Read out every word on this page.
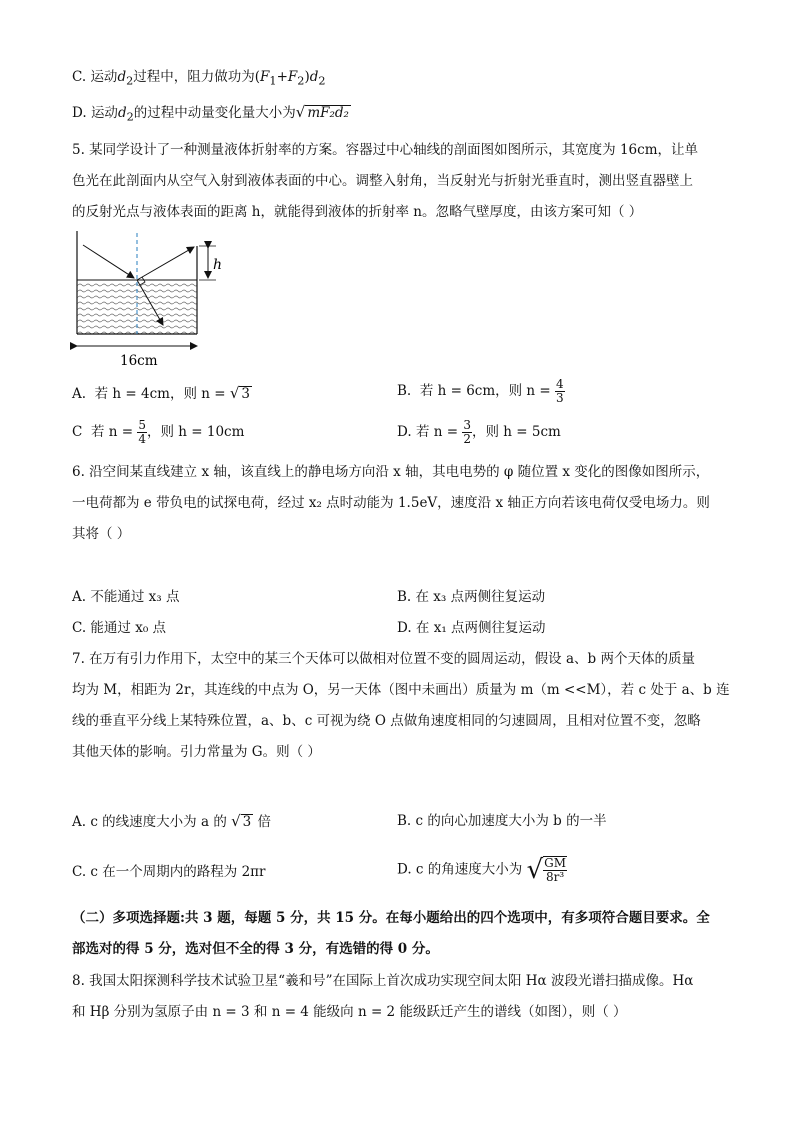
C. 运动$d_2$过程中，阻力做功为$(F_1+F_2)d_2$
D. 运动$d_2$的过程中动量变化量大小为√ mF₂d₂
5. 某同学设计了一种测量液体折射率的方案。容器过中心轴线的剖面图如图所示，其宽度为 16cm，让单
色光在此剖面内从空气入射到液体表面的中心。调整入射角，当反射光与折射光垂直时，测出竖直器壁上
的反射光点与液体表面的距离 h，就能得到液体的折射率 n。忽略气壁厚度，由该方案可知（ ）
h
16cm
A. 若 h = 4cm，则 n = √ 3	B. 若 h = 6cm，则 $n = \frac{4}{3}$
C 若 $n = \frac{5}{4}$ ，则 h = 10cm	D. 若 $n = \frac{3}{2}$ ，则 h = 5cm
6. 沿空间某直线建立 x 轴，该直线上的静电场方向沿 x 轴，其电电势的 φ 随位置 x 变化的图像如图所示，
一电荷都为 e 带负电的试探电荷，经过 x₂ 点时动能为 1.5eV，速度沿 x 轴正方向若该电荷仅受电场力。则
其将（ ）
A. 不能通过 x₃ 点	B. 在 x₃ 点两侧往复运动
C. 能通过 x₀ 点	D. 在 x₁ 点两侧往复运动
7. 在万有引力作用下，太空中的某三个天体可以做相对位置不变的圆周运动，假设 a、b 两个天体的质量
均为 M，相距为 2r，其连线的中点为 O，另一天体（图中未画出）质量为 m（m <<M），若 c 处于 a、b 连
线的垂直平分线上某特殊位置，a、b、c 可视为绕 O 点做角速度相同的匀速圆周，且相对位置不变，忽略
其他天体的影响。引力常量为 G。则（ ）
A. c 的线速度大小为 a 的 √ 3 倍	B. c 的向心加速度大小为 b 的一半
C. c 在一个周期内的路程为 2πr	D. c 的角速度大小为 √ $\frac{GM}{\text{8r³}}$
（二）多项选择题:共 3 题，每题 5 分，共 15 分。在每小题给出的四个选项中，有多项符合题目要求。全
部选对的得 5 分，选对但不全的得 3 分，有选错的得 0 分。
8. 我国太阳探测科学技术试验卫星“羲和号”在国际上首次成功实现空间太阳 Hα 波段光谱扫描成像。Hα
和 Hβ 分别为氢原子由 n = 3 和 n = 4 能级向 n = 2 能级跃迁产生的谱线（如图），则（ ）
